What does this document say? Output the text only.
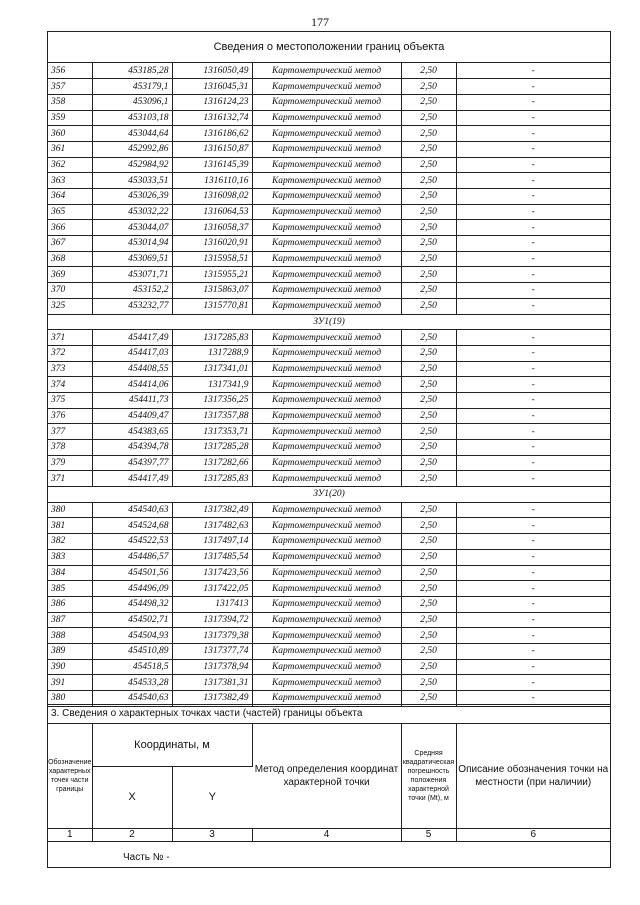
177
Сведения о местоположении границ объекта
356	453185,28	1316050,49	Картометрический метод	2,50	-
357	453179,1	1316045,31	Картометрический метод	2,50	-
358	453096,1	1316124,23	Картометрический метод	2,50	-
359	453103,18	1316132,74	Картометрический метод	2,50	-
360	453044,64	1316186,62	Картометрический метод	2,50	-
361	452992,86	1316150,87	Картометрический метод	2,50	-
362	452984,92	1316145,39	Картометрический метод	2,50	-
363	453033,51	1316110,16	Картометрический метод	2,50	-
364	453026,39	1316098,02	Картометрический метод	2,50	-
365	453032,22	1316064,53	Картометрический метод	2,50	-
366	453044,07	1316058,37	Картометрический метод	2,50	-
367	453014,94	1316020,91	Картометрический метод	2,50	-
368	453069,51	1315958,51	Картометрический метод	2,50	-
369	453071,71	1315955,21	Картометрический метод	2,50	-
370	453152,2	1315863,07	Картометрический метод	2,50	-
325	453232,77	1315770,81	Картометрический метод	2,50	-
ЗУ1(19)					
371	454417,49	1317285,83	Картометрический метод	2,50	-
372	454417,03	1317288,9	Картометрический метод	2,50	-
373	454408,55	1317341,01	Картометрический метод	2,50	-
374	454414,06	1317341,9	Картометрический метод	2,50	-
375	454411,73	1317356,25	Картометрический метод	2,50	-
376	454409,47	1317357,88	Картометрический метод	2,50	-
377	454383,65	1317353,71	Картометрический метод	2,50	-
378	454394,78	1317285,28	Картометрический метод	2,50	-
379	454397,77	1317282,66	Картометрический метод	2,50	-
371	454417,49	1317285,83	Картометрический метод	2,50	-
ЗУ1(20)					
380	454540,63	1317382,49	Картометрический метод	2,50	-
381	454524,68	1317482,63	Картометрический метод	2,50	-
382	454522,53	1317497,14	Картометрический метод	2,50	-
383	454486,57	1317485,54	Картометрический метод	2,50	-
384	454501,56	1317423,56	Картометрический метод	2,50	-
385	454496,09	1317422,05	Картометрический метод	2,50	-
386	454498,32	1317413	Картометрический метод	2,50	-
387	454502,71	1317394,72	Картометрический метод	2,50	-
388	454504,93	1317379,38	Картометрический метод	2,50	-
389	454510,89	1317377,74	Картометрический метод	2,50	-
390	454518,5	1317378,94	Картометрический метод	2,50	-
391	454533,28	1317381,31	Картометрический метод	2,50	-
380	454540,63	1317382,49	Картометрический метод	2,50	-
3. Сведения о характерных точках части (частей) границы объекта
Обозначение характерных точек части границы	Координаты, м		Метод определения координат характерной точки	Средняя квадратическая погрешность положения характерной точки (Мt), м	Описание обозначения точки на местности (при наличии)
	X	Y			
1	2	3	4	5	6
Часть № -
